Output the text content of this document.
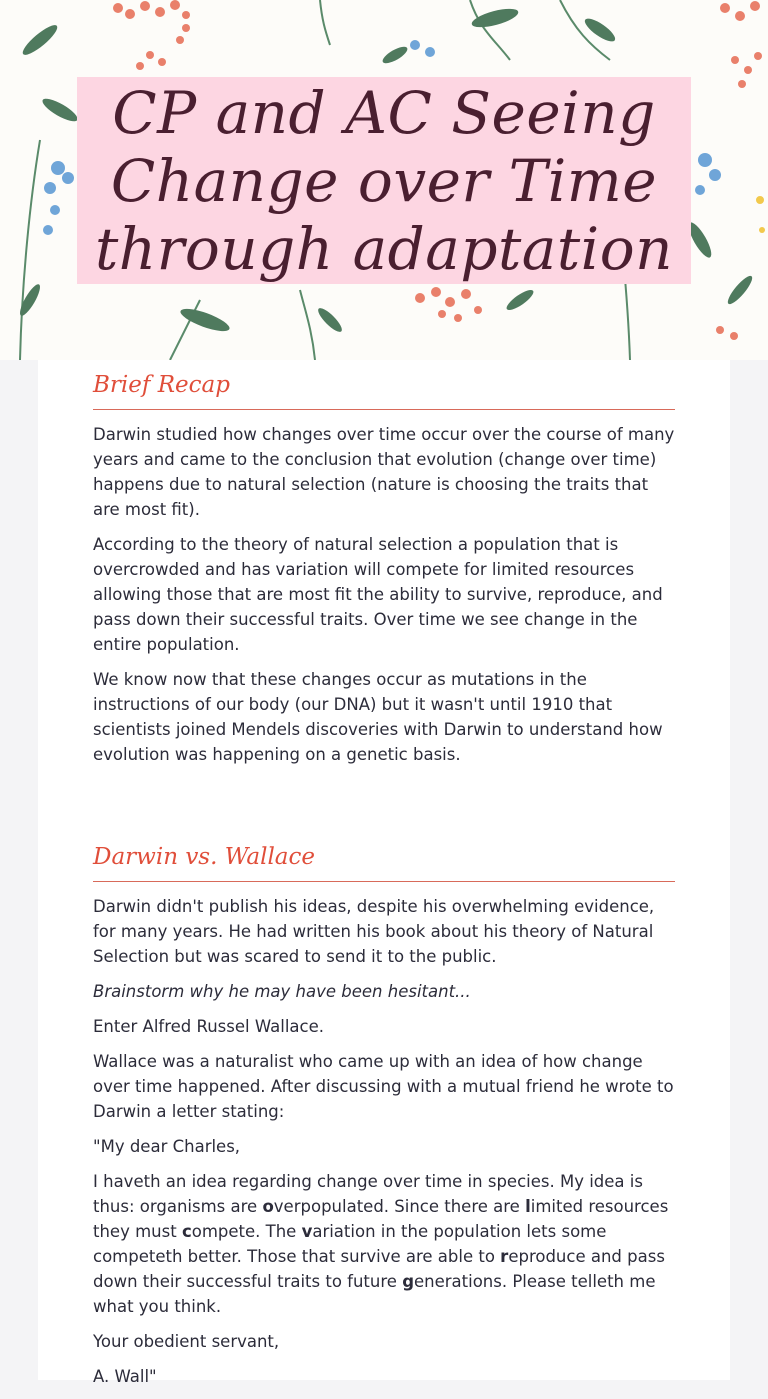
CP and AC Seeing Change over Time through adaptation
Brief Recap

Darwin studied how changes over time occur over the course of many years and came to the conclusion that evolution (change over time) happens due to natural selection (nature is choosing the traits that are most fit).

According to the theory of natural selection a population that is overcrowded and has variation will compete for limited resources allowing those that are most fit the ability to survive, reproduce, and pass down their successful traits. Over time we see change in the entire population.

We know now that these changes occur as mutations in the instructions of our body (our DNA) but it wasn't until 1910 that scientists joined Mendels discoveries with Darwin to understand how evolution was happening on a genetic basis.

Darwin vs. Wallace

Darwin didn't publish his ideas, despite his overwhelming evidence, for many years. He had written his book about his theory of Natural Selection but was scared to send it to the public.

Brainstorm why he may have been hesitant...

Enter Alfred Russel Wallace.

Wallace was a naturalist who came up with an idea of how change over time happened. After discussing with a mutual friend he wrote to Darwin a letter stating:

"My dear Charles,

I haveth an idea regarding change over time in species. My idea is thus: organisms are overpopulated. Since there are limited resources they must compete. The variation in the population lets some competeth better. Those that survive are able to reproduce and pass down their successful traits to future generations. Please telleth me what you think.

Your obedient servant,

A. Wall"
